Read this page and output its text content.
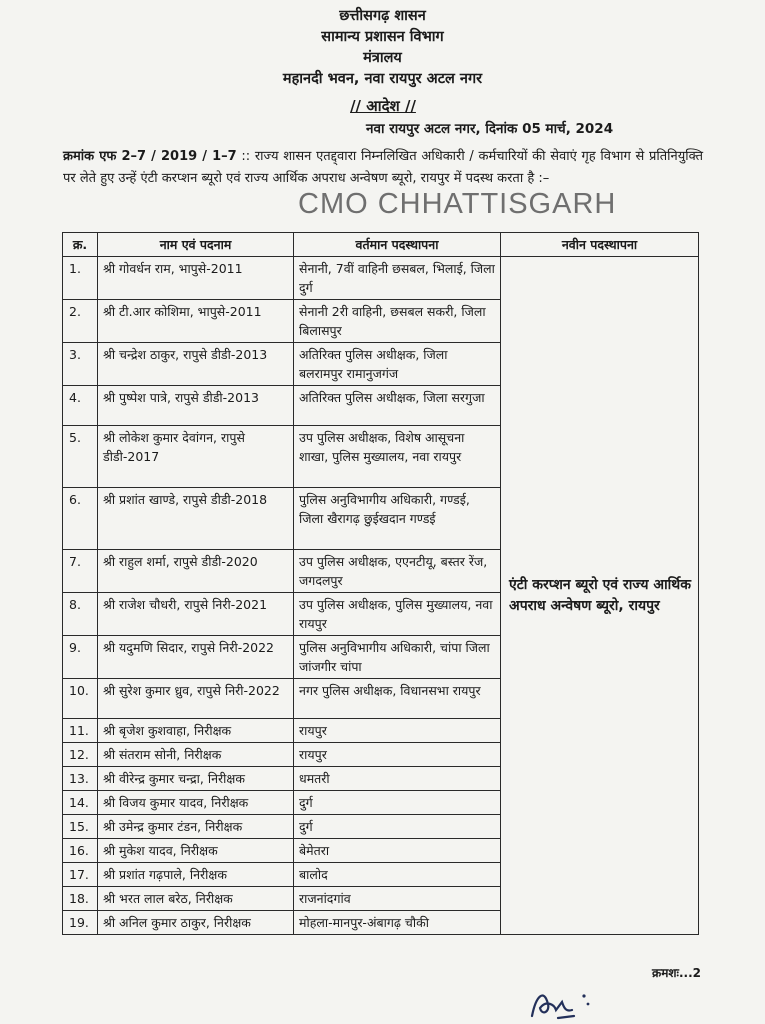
छत्तीसगढ़ शासन
सामान्य प्रशासन विभाग
मंत्रालय
महानदी भवन, नवा रायपुर अटल नगर
// आदेश //
नवा रायपुर अटल नगर, दिनांक 05 मार्च, 2024
क्रमांक एफ 2–7 / 2019 / 1–7 :: राज्य शासन एतद्द्वारा निम्नलिखित अधिकारी / कर्मचारियों की सेवाएं गृह विभाग से प्रतिनियुक्ति पर लेते हुए उन्हें एंटी करप्शन ब्यूरो एवं राज्य आर्थिक अपराध अन्वेषण ब्यूरो, रायपुर में पदस्थ करता है :–
CMO CHHATTISGARH
क्र.	नाम एवं पदनाम	वर्तमान पदस्थापना	नवीन पदस्थापना
1.	श्री गोवर्धन राम, भापुसे-2011	सेनानी, 7वीं वाहिनी छसबल, भिलाई, जिला दुर्ग	एंटी करप्शन ब्यूरो एवं राज्य आर्थिक अपराध अन्वेषण ब्यूरो, रायपुर
2.	श्री टी.आर कोशिमा, भापुसे-2011	सेनानी 2री वाहिनी, छसबल सकरी, जिला बिलासपुर	
3.	श्री चन्द्रेश ठाकुर, रापुसे डीडी-2013	अतिरिक्त पुलिस अधीक्षक, जिला बलरामपुर रामानुजगंज	
4.	श्री पुष्पेश पात्रे, रापुसे डीडी-2013	अतिरिक्त पुलिस अधीक्षक, जिला सरगुजा	
5.	श्री लोकेश कुमार देवांगन, रापुसे डीडी-2017	उप पुलिस अधीक्षक, विशेष आसूचना शाखा, पुलिस मुख्यालय, नवा रायपुर	
6.	श्री प्रशांत खाण्डे, रापुसे डीडी-2018	पुलिस अनुविभागीय अधिकारी, गण्डई, जिला खैरागढ़ छुईखदान गण्डई	
7.	श्री राहुल शर्मा, रापुसे डीडी-2020	उप पुलिस अधीक्षक, एएनटीयू, बस्तर रेंज, जगदलपुर	
8.	श्री राजेश चौधरी, रापुसे निरी-2021	उप पुलिस अधीक्षक, पुलिस मुख्यालय, नवा रायपुर	
9.	श्री यदुमणि सिदार, रापुसे निरी-2022	पुलिस अनुविभागीय अधिकारी, चांपा जिला जांजगीर चांपा	
10.	श्री सुरेश कुमार ध्रुव, रापुसे निरी-2022	नगर पुलिस अधीक्षक, विधानसभा रायपुर	
11.	श्री बृजेश कुशवाहा, निरीक्षक	रायपुर	
12.	श्री संतराम सोनी, निरीक्षक	रायपुर	
13.	श्री वीरेन्द्र कुमार चन्द्रा, निरीक्षक	धमतरी	
14.	श्री विजय कुमार यादव, निरीक्षक	दुर्ग	
15.	श्री उमेन्द्र कुमार टंडन, निरीक्षक	दुर्ग	
16.	श्री मुकेश यादव, निरीक्षक	बेमेतरा	
17.	श्री प्रशांत गढ़पाले, निरीक्षक	बालोद	
18.	श्री भरत लाल बरेठ, निरीक्षक	राजनांदगांव	
19.	श्री अनिल कुमार ठाकुर, निरीक्षक	मोहला-मानपुर-अंबागढ़ चौकी	
क्रमशः...2
